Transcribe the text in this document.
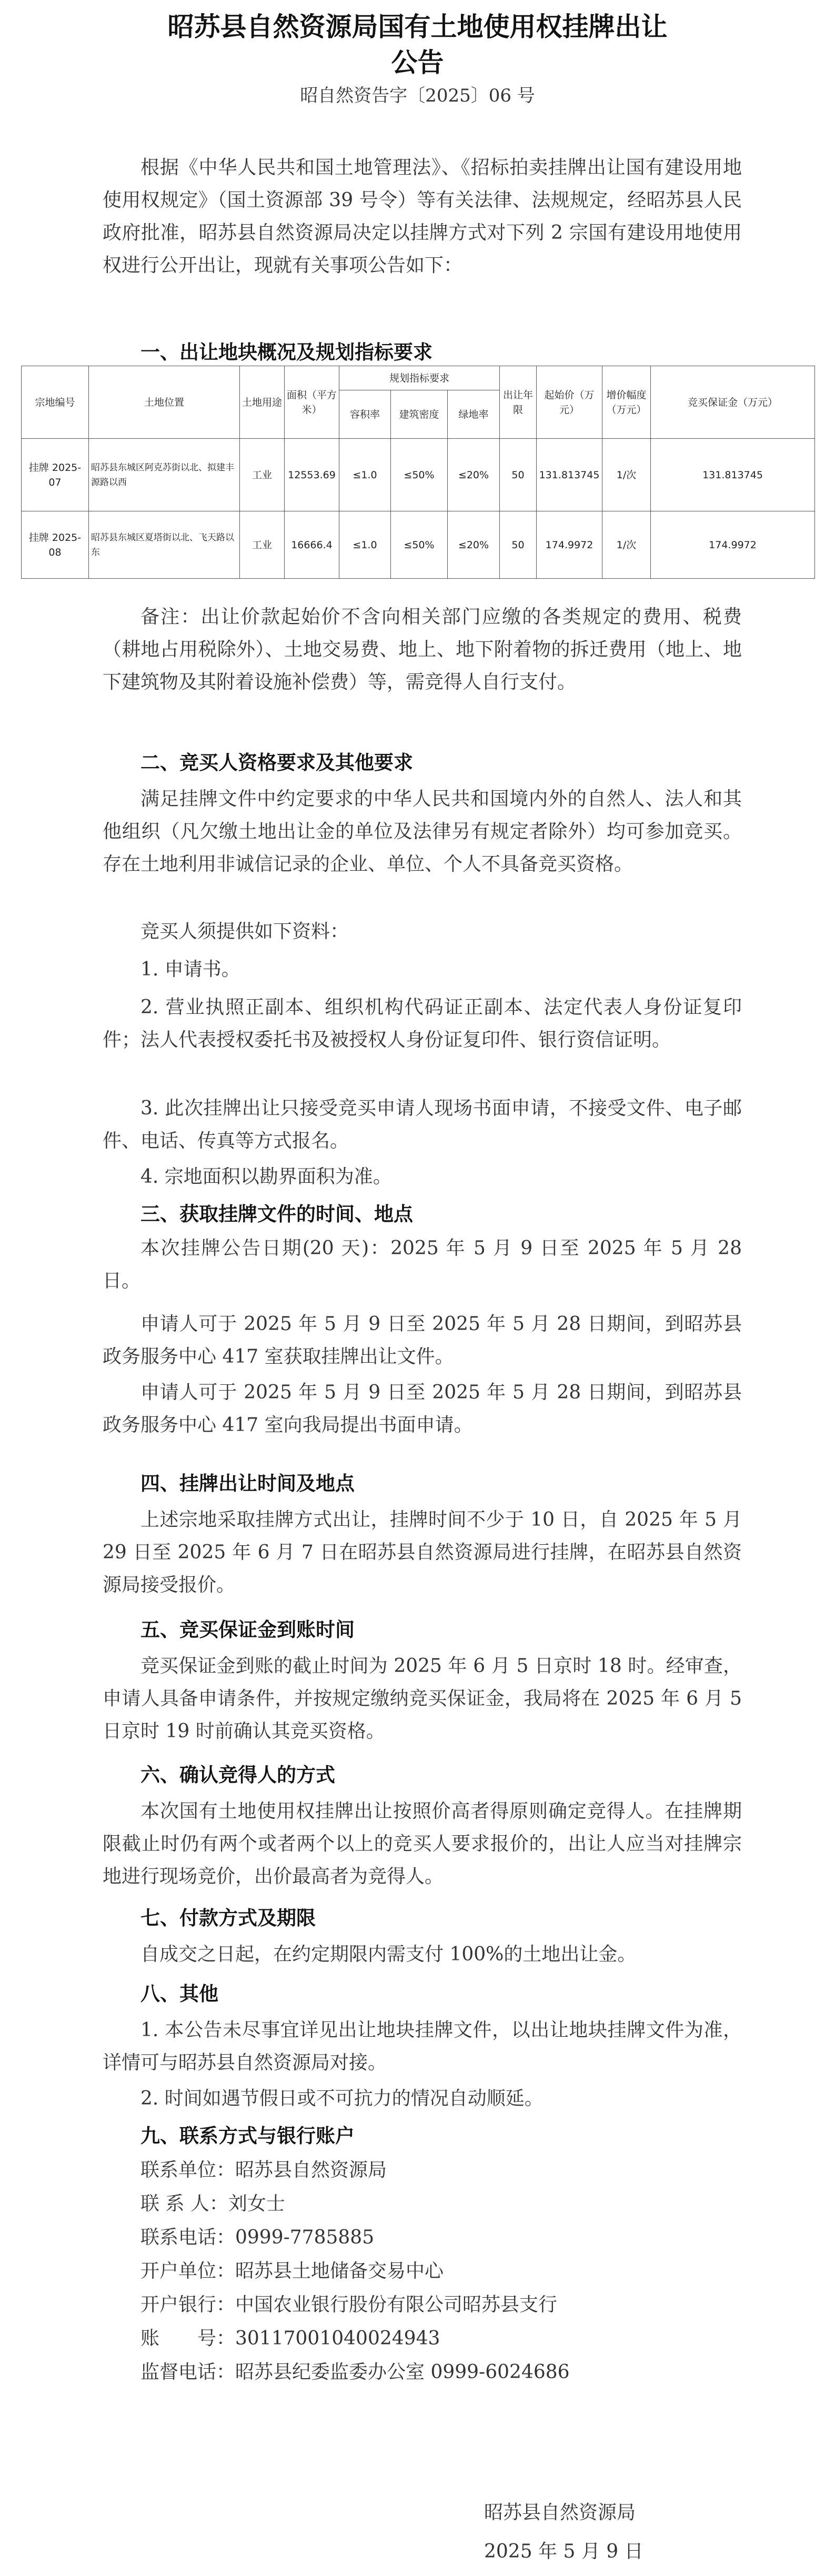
昭苏县自然资源局国有土地使用权挂牌出让
公告
昭自然资告字〔2025〕06 号

根据《中华人民共和国土地管理法》、《招标拍卖挂牌出让国有建设用地使用权规定》（国土资源部 39 号令）等有关法律、法规规定，经昭苏县人民政府批准，昭苏县自然资源局决定以挂牌方式对下列 2 宗国有建设用地使用权进行公开出让，现就有关事项公告如下：

一、出让地块概况及规划指标要求
宗地编号	土地位置	土地用途	面积（平方米）	规划指标要求			出让年限	起始价（万元）	增价幅度（万元）	竞买保证金（万元）
				容积率	建筑密度	绿地率				
挂牌 2025-07	昭苏县东城区阿克苏街以北、拟建丰源路以西	工业	12553.69	≤1.0	≤50%	≤20%	50	131.813745	1/次	131.813745
挂牌 2025-08	昭苏县东城区夏塔街以北、飞天路以东	工业	16666.4	≤1.0	≤50%	≤20%	50	174.9972	1/次	174.9972

备注：出让价款起始价不含向相关部门应缴的各类规定的费用、税费（耕地占用税除外）、土地交易费、地上、地下附着物的拆迁费用（地上、地下建筑物及其附着设施补偿费）等，需竞得人自行支付。

二、竞买人资格要求及其他要求

满足挂牌文件中约定要求的中华人民共和国境内外的自然人、法人和其他组织（凡欠缴土地出让金的单位及法律另有规定者除外）均可参加竞买。存在土地利用非诚信记录的企业、单位、个人不具备竞买资格。

竞买人须提供如下资料：

1. 申请书。

2. 营业执照正副本、组织机构代码证正副本、法定代表人身份证复印件；法人代表授权委托书及被授权人身份证复印件、银行资信证明。

3. 此次挂牌出让只接受竞买申请人现场书面申请，不接受文件、电子邮件、电话、传真等方式报名。

4. 宗地面积以勘界面积为准。

三、获取挂牌文件的时间、地点

本次挂牌公告日期(20 天)：2025 年 5 月 9 日至 2025 年 5 月 28 日。

申请人可于 2025 年 5 月 9 日至 2025 年 5 月 28 日期间，到昭苏县政务服务中心 417 室获取挂牌出让文件。

申请人可于 2025 年 5 月 9 日至 2025 年 5 月 28 日期间，到昭苏县政务服务中心 417 室向我局提出书面申请。

四、挂牌出让时间及地点

上述宗地采取挂牌方式出让，挂牌时间不少于 10 日，自 2025 年 5 月 29 日至 2025 年 6 月 7 日在昭苏县自然资源局进行挂牌，在昭苏县自然资源局接受报价。

五、竞买保证金到账时间

竞买保证金到账的截止时间为 2025 年 6 月 5 日京时 18 时。经审查，申请人具备申请条件，并按规定缴纳竞买保证金，我局将在 2025 年 6 月 5 日京时 19 时前确认其竞买资格。

六、确认竞得人的方式

本次国有土地使用权挂牌出让按照价高者得原则确定竞得人。在挂牌期限截止时仍有两个或者两个以上的竞买人要求报价的，出让人应当对挂牌宗地进行现场竞价，出价最高者为竞得人。

七、付款方式及期限

自成交之日起，在约定期限内需支付 100%的土地出让金。

八、其他

1. 本公告未尽事宜详见出让地块挂牌文件，以出让地块挂牌文件为准，详情可与昭苏县自然资源局对接。

2. 时间如遇节假日或不可抗力的情况自动顺延。

九、联系方式与银行账户
联系单位：昭苏县自然资源局
联 系 人：刘女士
联系电话：0999-7785885
开户单位：昭苏县土地储备交易中心
开户银行：中国农业银行股份有限公司昭苏县支行
账　　号：30117001040024943
监督电话：昭苏县纪委监委办公室 0999-6024686
昭苏县自然资源局
2025 年 5 月 9 日
